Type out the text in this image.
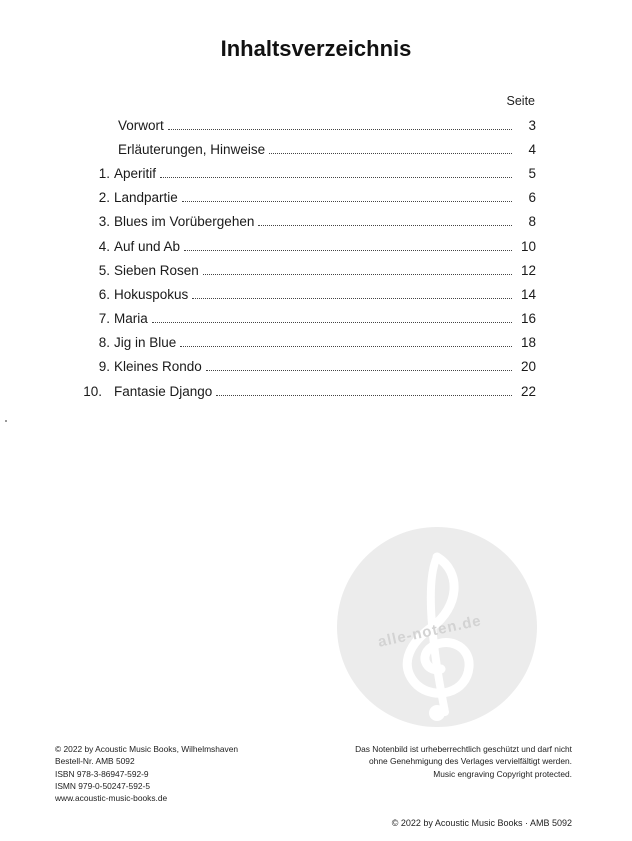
Inhaltsverzeichnis
Seite
Vorwort	3
Erläuterungen, Hinweise	4
1. Aperitif	5
2. Landpartie	6
3. Blues im Vorübergehen	8
4. Auf und Ab	10
5. Sieben Rosen	12
6. Hokuspokus	14
7. Maria	16
8. Jig in Blue	18
9. Kleines Rondo	20
10. Fantasie Django	22
alle-noten.de
© 2022 by Acoustic Music Books, Wilhelmshaven
Bestell-Nr. AMB 5092
ISBN 978-3-86947-592-9
ISMN 979-0-50247-592-5
www.acoustic-music-books.de
Das Notenbild ist urheberrechtlich geschützt und darf nicht
ohne Genehmigung des Verlages vervielfältigt werden.
Music engraving Copyright protected.
© 2022 by Acoustic Music Books · AMB 5092
